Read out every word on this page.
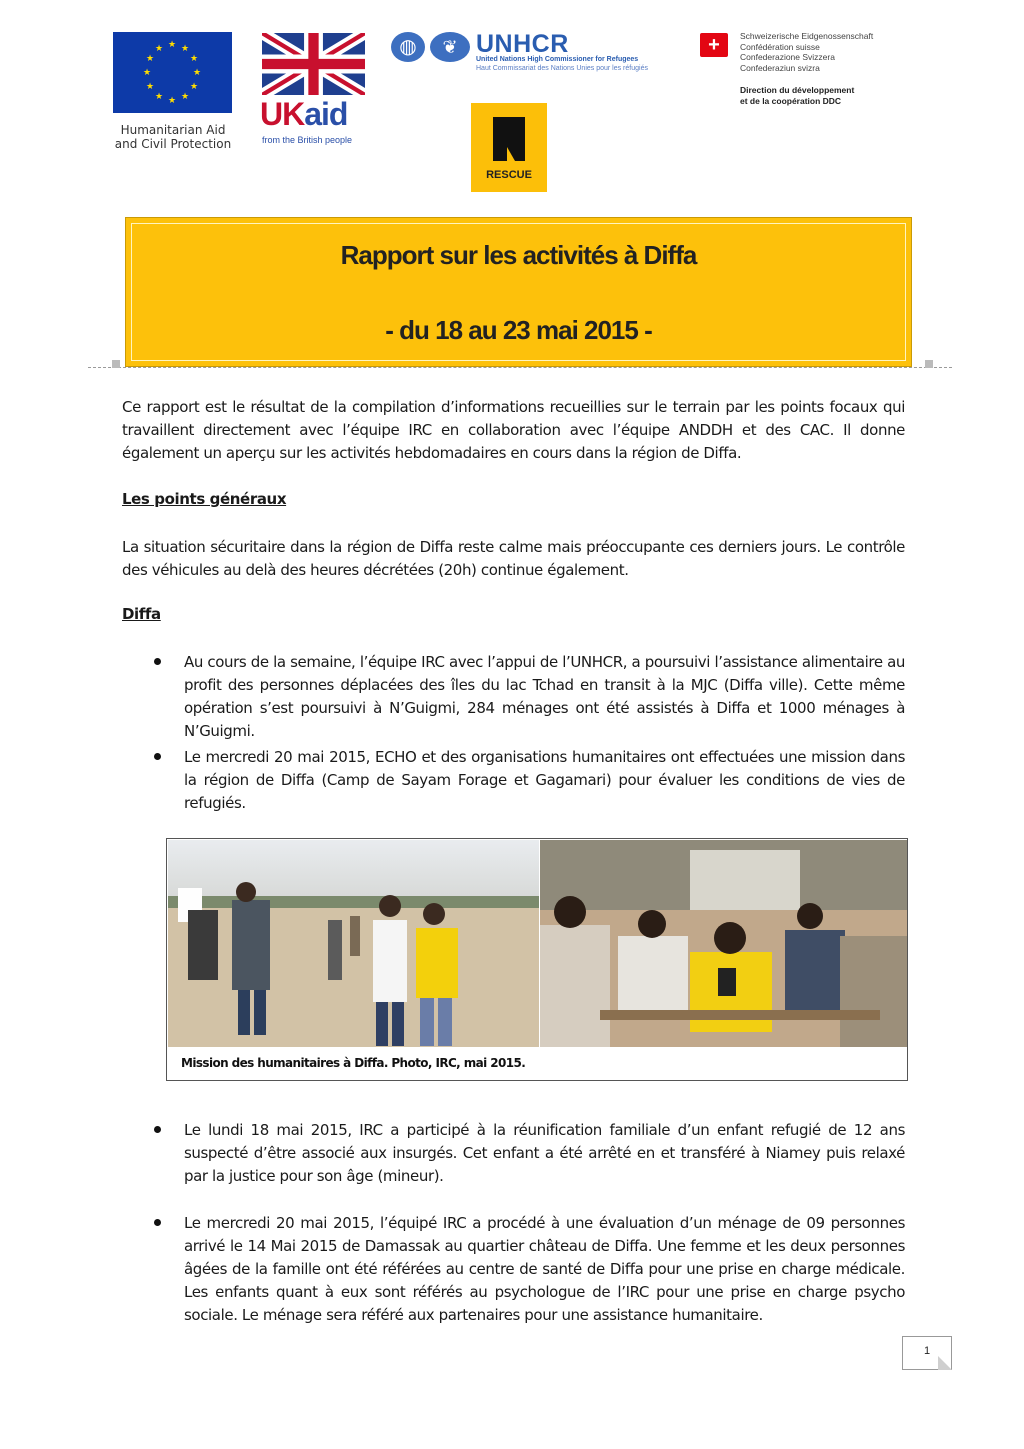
★ ★
★
★
★
★
★
★
★
★
★
★
Humanitarian Aid
and Civil Protection
UKaid
from the British people
◍	❦ UNHCR
United Nations High Commissioner for Refugees
Haut Commissariat des Nations Unies pour les réfugiés
+	Schweizerische Eidgenossenschaft
Confédération suisse
Confederazione Svizzera
Confederaziun svizra
Direction du développement
et de la coopération DDC
RESCUE
Rapport sur les activités à Diffa
- du 18 au 23 mai 2015 -
Ce rapport est le résultat de la compilation d’informations recueillies sur le terrain par les points focaux qui travaillent directement avec l’équipe IRC en collaboration avec l’équipe ANDDH et des CAC. Il donne également un aperçu sur les activités hebdomadaires en cours dans la région de Diffa.
Les points généraux
La situation sécuritaire dans la région de Diffa reste calme mais préoccupante ces derniers jours. Le contrôle des véhicules au delà des heures décrétées (20h) continue également.
Diffa
Au cours de la semaine, l’équipe IRC avec l’appui de l’UNHCR, a poursuivi l’assistance alimentaire au profit des personnes déplacées des îles du lac Tchad en transit à la MJC (Diffa ville). Cette même opération s’est poursuivi à N’Guigmi, 284 ménages ont été assistés à Diffa et 1000 ménages à N’Guigmi.
Le mercredi 20 mai 2015, ECHO et des organisations humanitaires ont effectuées une mission dans la région de Diffa (Camp de Sayam Forage et Gagamari) pour évaluer les conditions de vies de refugiés.
Mission des humanitaires à Diffa. Photo, IRC, mai 2015.
Le lundi 18 mai 2015, IRC a participé à la réunification familiale d’un enfant refugié de 12 ans suspecté d’être associé aux insurgés. Cet enfant a été arrêté en et transféré à Niamey puis relaxé par la justice pour son âge (mineur).
Le mercredi 20 mai 2015, l’équipé IRC a procédé à une évaluation d’un ménage de 09 personnes arrivé le 14 Mai 2015 de Damassak au quartier château de Diffa. Une femme et les deux personnes âgées de la famille ont été référées au centre de santé de Diffa pour une prise en charge médicale. Les enfants quant à eux sont référés au psychologue de l’IRC pour une prise en charge psycho sociale. Le ménage sera référé aux partenaires pour une assistance humanitaire.
1
